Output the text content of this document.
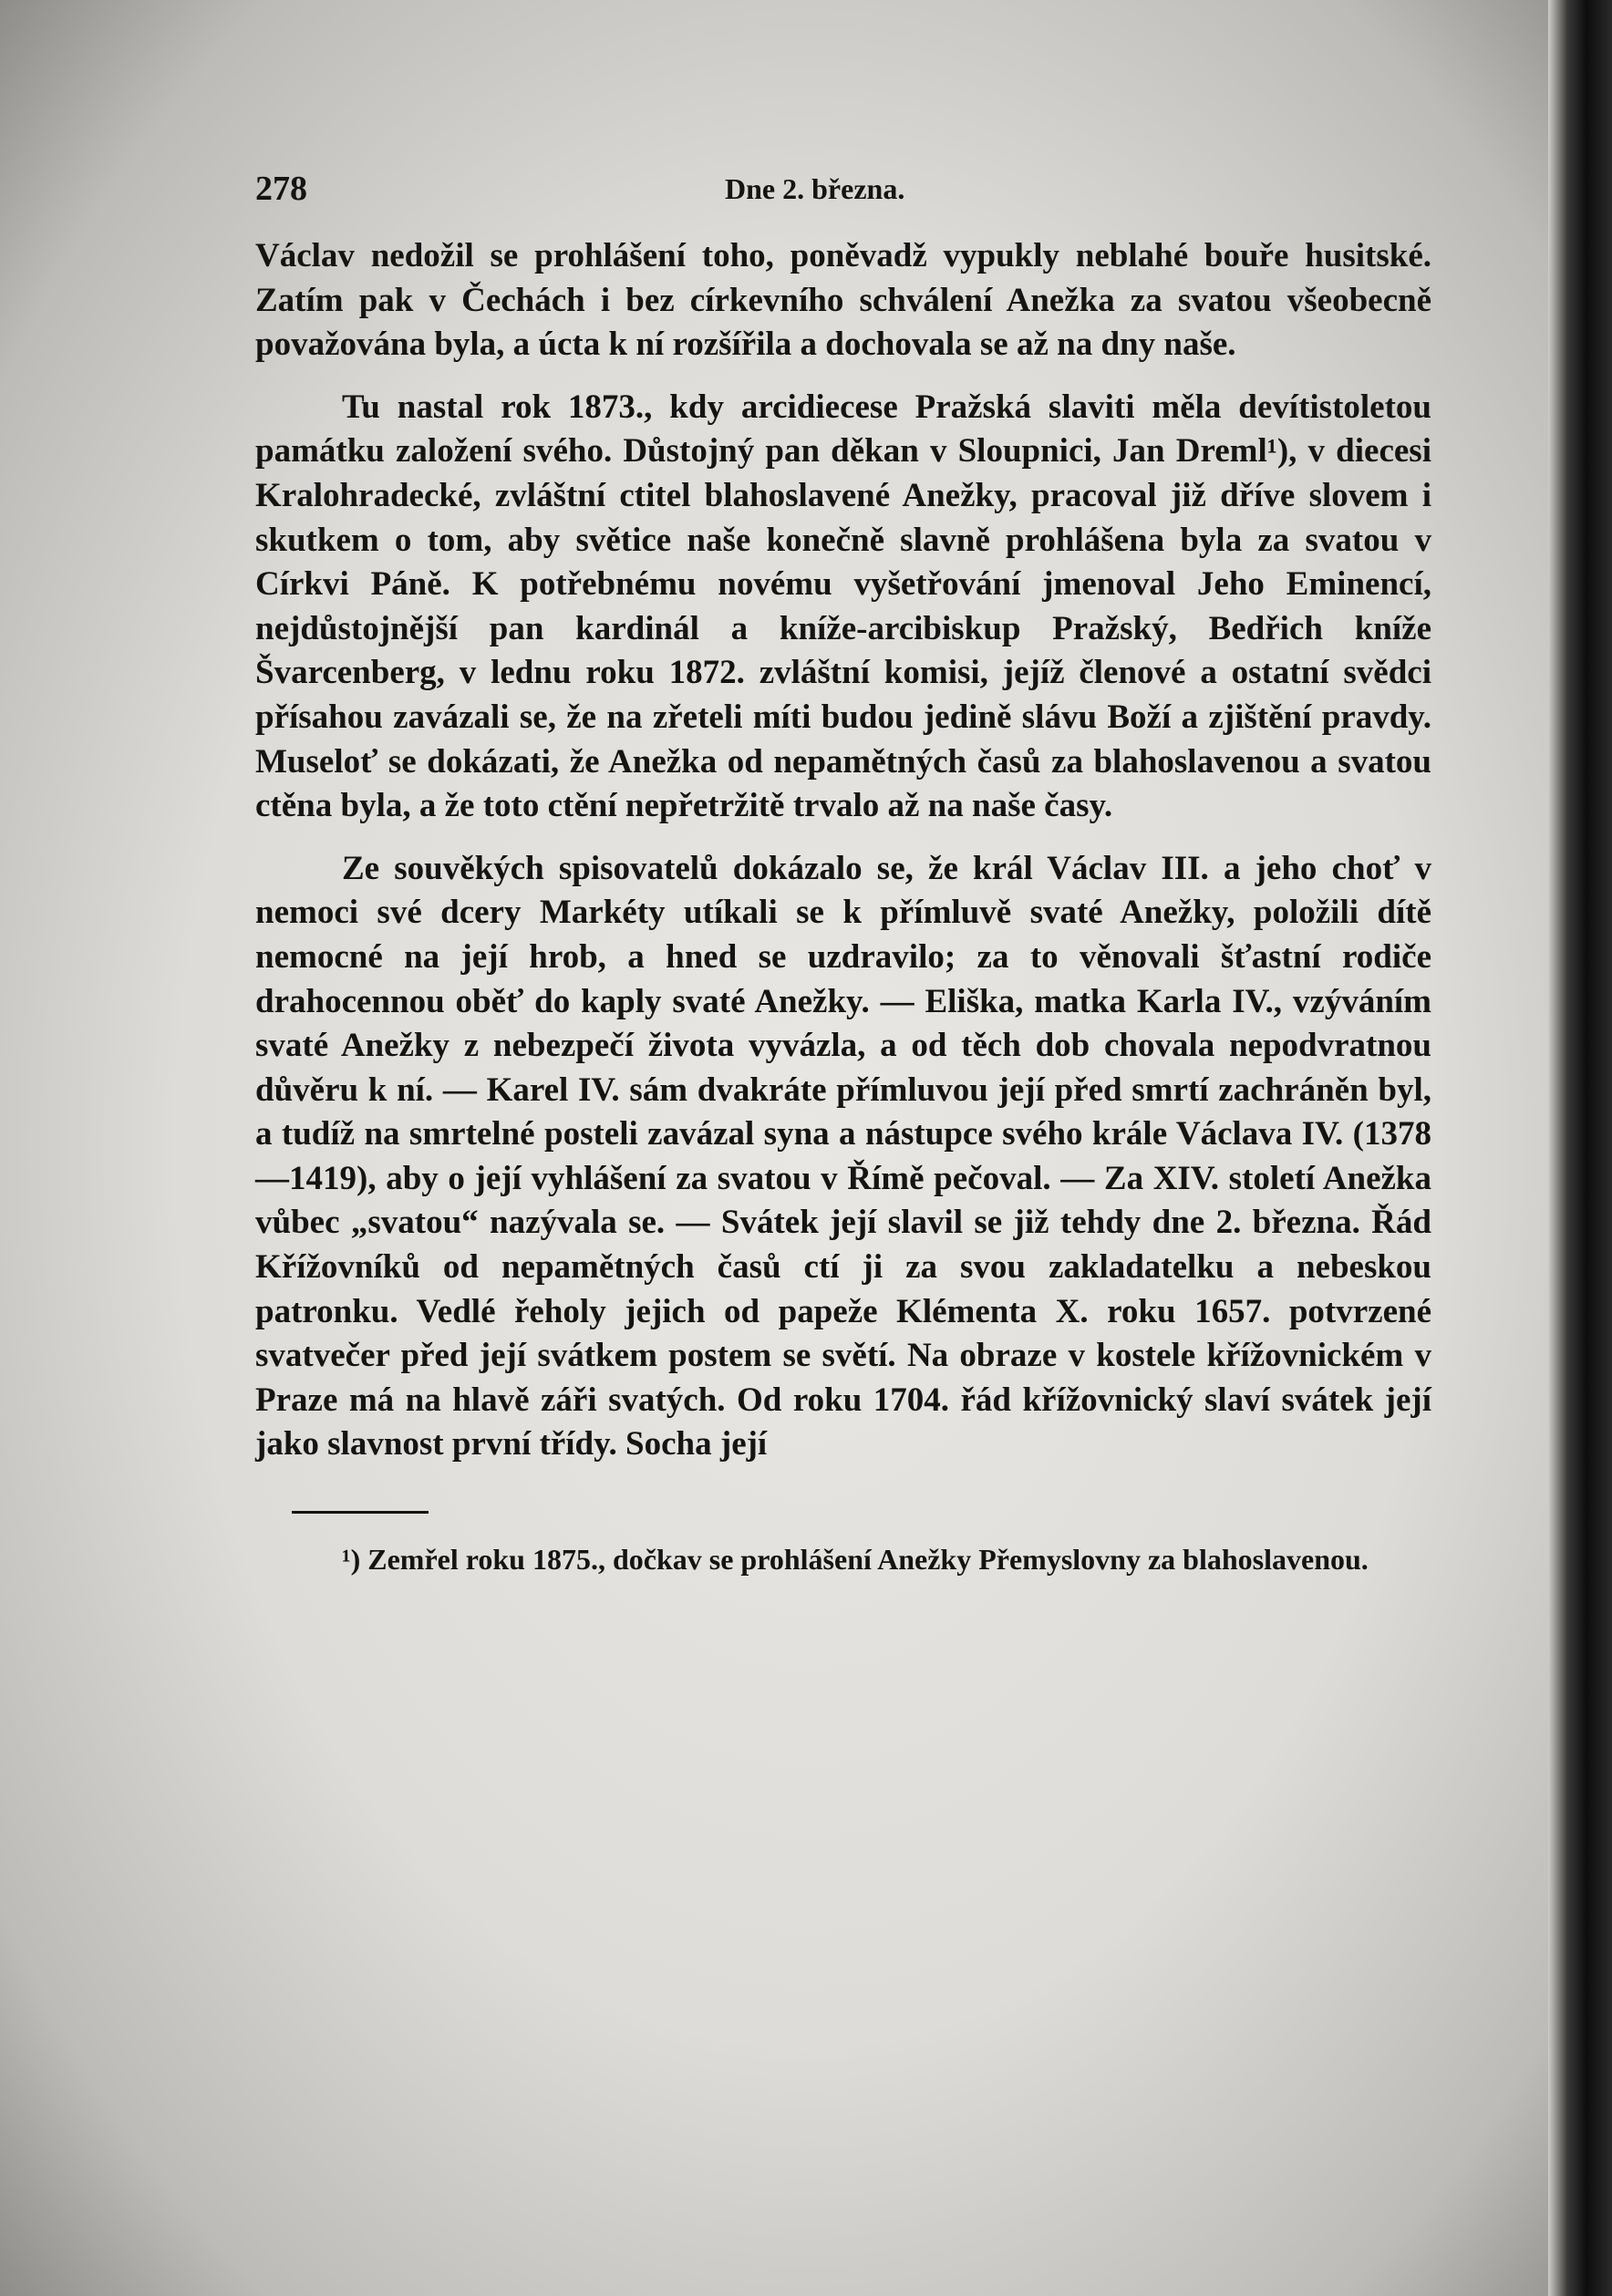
278	Dne 2. března.

Václav nedožil se prohlášení toho, poněvadž vypukly neblahé bouře husitské. Zatím pak v Čechách i bez církevního schválení Anežka za svatou všeobecně považována byla, a úcta k ní rozšířila a dochovala se až na dny naše.

Tu nastal rok 1873., kdy arcidiecese Pražská slaviti měla devítistoletou památku založení svého. Důstojný pan děkan v Sloupnici, Jan Dreml¹), v diecesi Kralohradecké, zvláštní ctitel blahoslavené Anežky, pracoval již dříve slovem i skutkem o tom, aby světice naše konečně slavně prohlášena byla za svatou v Církvi Páně. K potřebnému novému vyšetřování jmenoval Jeho Eminencí, nejdůstojnější pan kardinál a kníže-arcibiskup Pražský, Bedřich kníže Švarcenberg, v lednu roku 1872. zvláštní komisi, jejíž členové a ostatní svědci přísahou zavázali se, že na zřeteli míti budou jedině slávu Boží a zjištění pravdy. Museloť se dokázati, že Anežka od nepamětných časů za blahoslavenou a svatou ctěna byla, a že toto ctění nepřetržitě trvalo až na naše časy.

Ze souvěkých spisovatelů dokázalo se, že král Václav III. a jeho choť v nemoci své dcery Markéty utíkali se k přímluvě svaté Anežky, položili dítě nemocné na její hrob, a hned se uzdravilo; za to věnovali šťastní rodiče drahocennou oběť do kaply svaté Anežky. — Eliška, matka Karla IV., vzýváním svaté Anežky z nebezpečí života vyvázla, a od těch dob chovala nepodvratnou důvěru k ní. — Karel IV. sám dvakráte přímluvou její před smrtí zachráněn byl, a tudíž na smrtelné posteli zavázal syna a nástupce svého krále Václava IV. (1378—1419), aby o její vyhlášení za svatou v Římě pečoval. — Za XIV. století Anežka vůbec „svatou“ nazývala se. — Svátek její slavil se již tehdy dne 2. března. Řád Křížovníků od nepamětných časů ctí ji za svou zakladatelku a nebeskou patronku. Vedlé řeholy jejich od papeže Klémenta X. roku 1657. potvrzené svatvečer před její svátkem postem se světí. Na obraze v kostele křížovnickém v Praze má na hlavě záři svatých. Od roku 1704. řád křížovnický slaví svátek její jako slavnost první třídy. Socha její

¹) Zemřel roku 1875., dočkav se prohlášení Anežky Přemyslovny za blahoslavenou.
